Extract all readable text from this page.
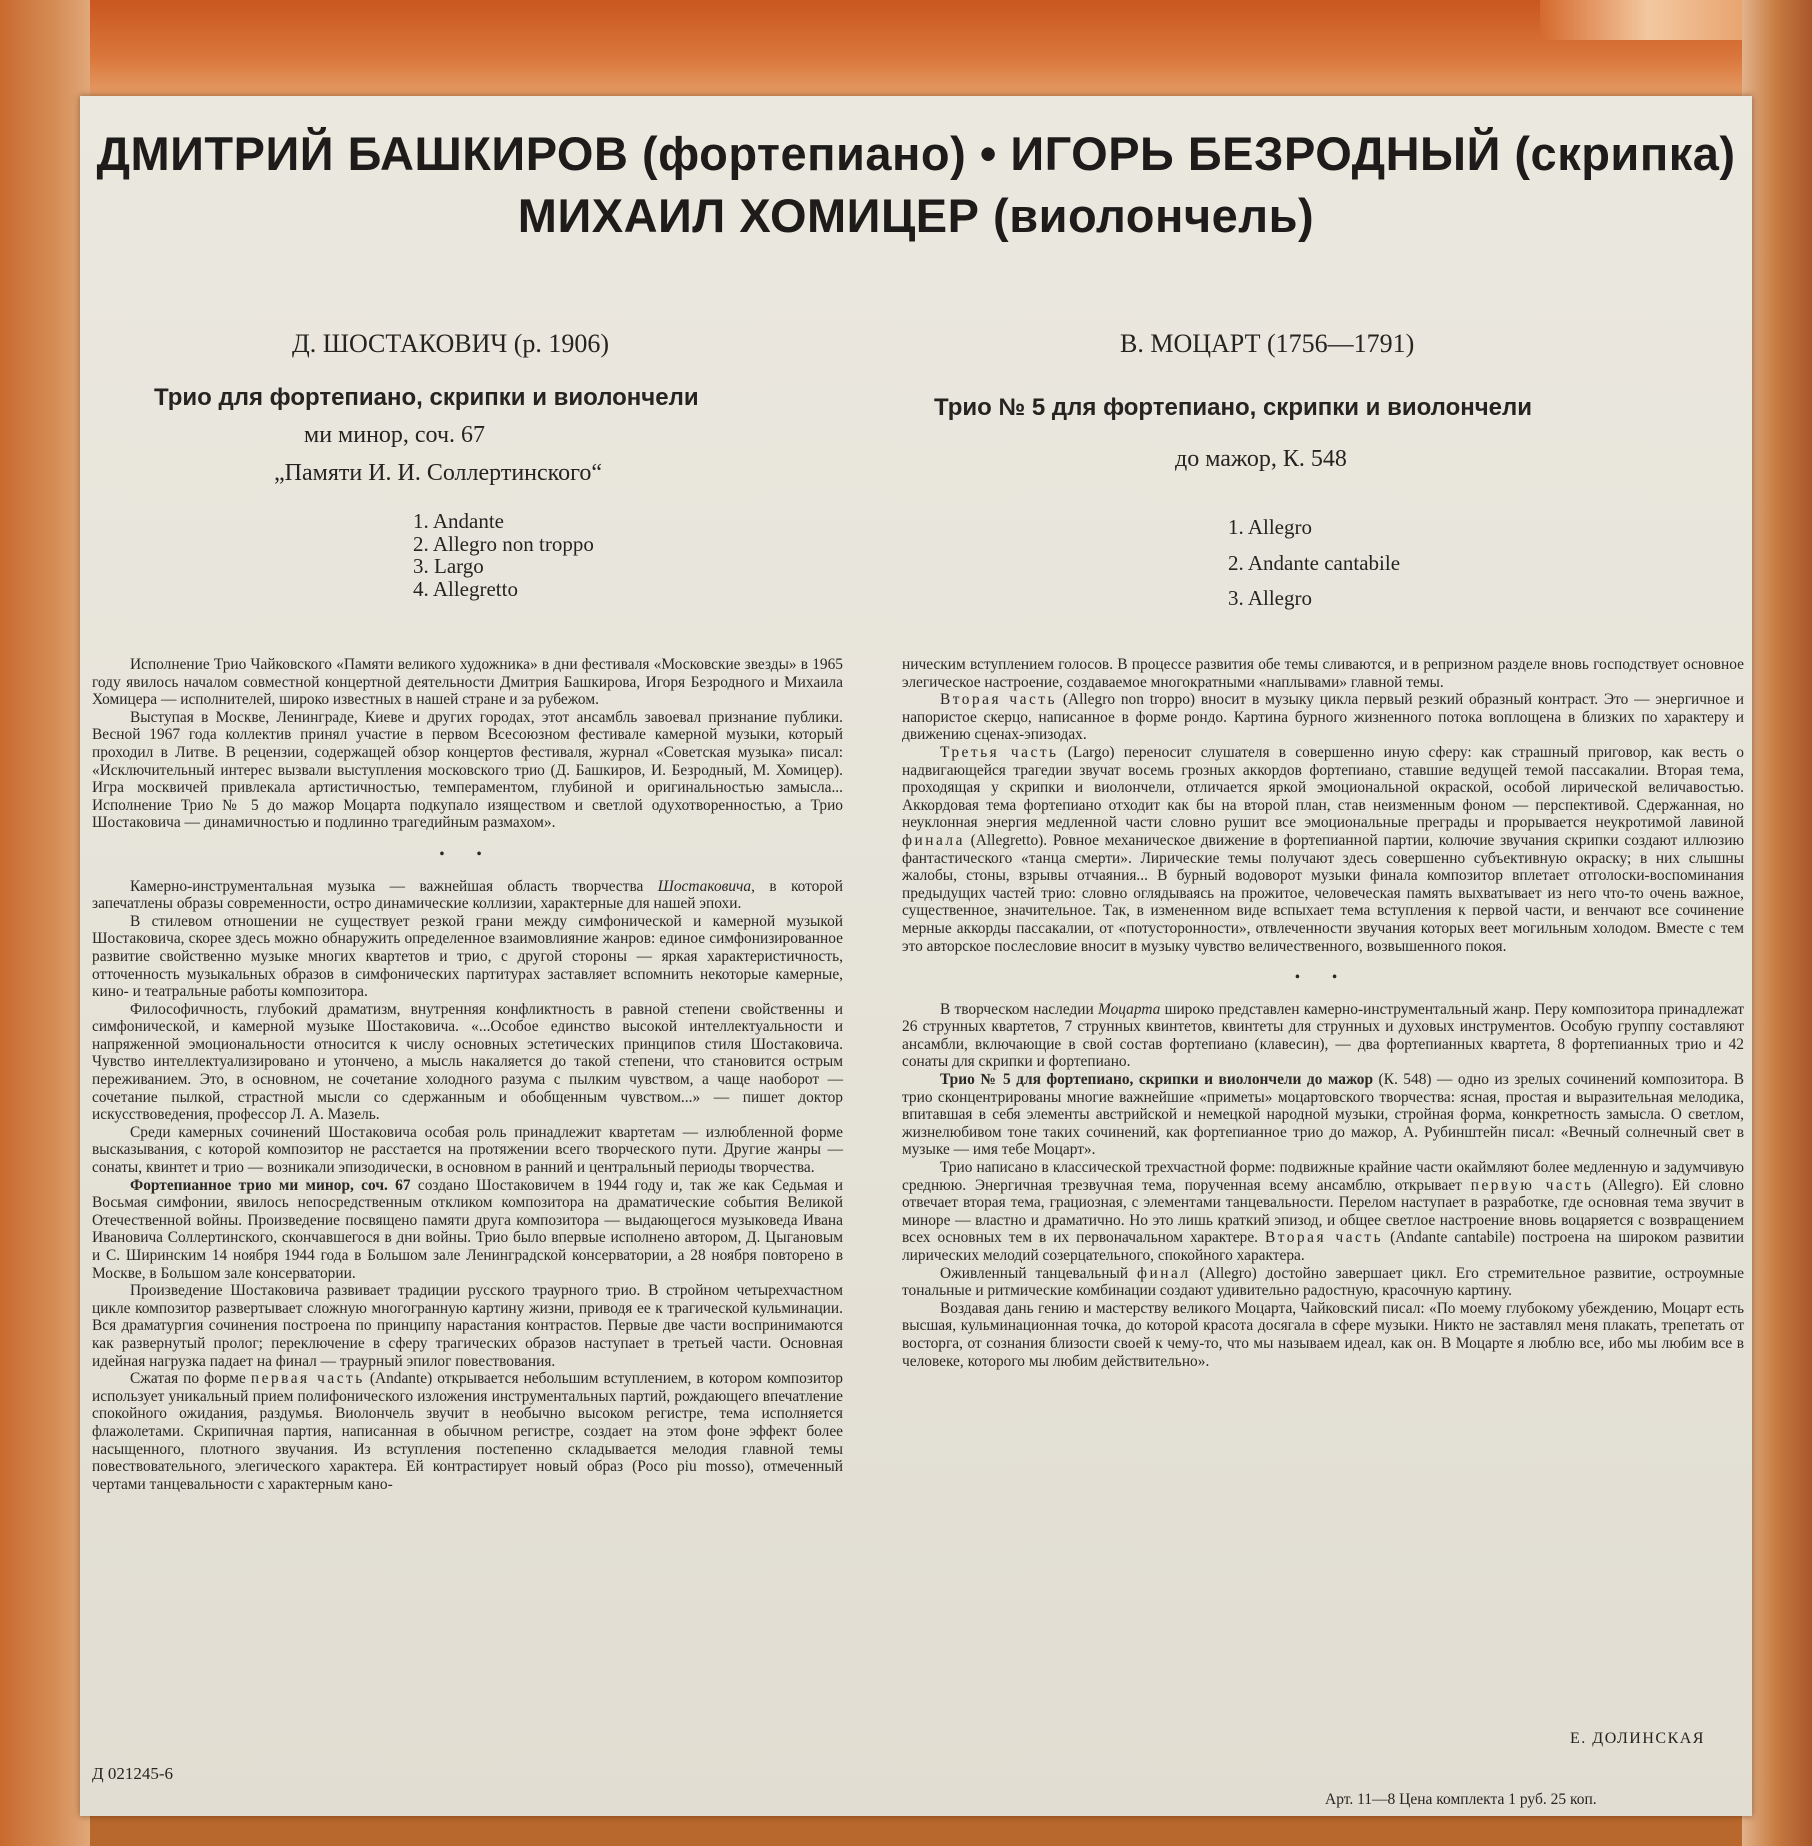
ДМИТРИЙ БАШКИРОВ (фортепиано) • ИГОРЬ БЕЗРОДНЫЙ (скрипка)
МИХАИЛ ХОМИЦЕР (виолончель)
Д. ШОСТАКОВИЧ (р. 1906)
Трио для фортепиано, скрипки и виолончели
ми минор, соч. 67
„Памяти И. И. Соллертинского“
1. Andante
2. Allegro non troppo
3. Largo
4. Allegretto
В. МОЦАРТ (1756—1791)
Трио № 5 для фортепиано, скрипки и виолончели
до мажор, К. 548
1. Allegro
2. Andante cantabile
3. Allegro

Исполнение Трио Чайковского «Памяти великого художника» в дни фестиваля «Московские звезды» в 1965 году явилось началом совместной концертной деятельности Дмитрия Башкирова, Игоря Безродного и Михаила Хомицера — исполнителей, широко известных в нашей стране и за рубежом.

Выступая в Москве, Ленинграде, Киеве и других городах, этот ансамбль завоевал признание публики. Весной 1967 года коллектив принял участие в первом Всесоюзном фестивале камерной музыки, который проходил в Литве. В рецензии, содержащей обзор концертов фестиваля, журнал «Советская музыка» писал: «Исключительный интерес вызвали выступления московского трио (Д. Башкиров, И. Безродный, М. Хомицер). Игра москвичей привлекала артистичностью, темпераментом, глубиной и оригинальностью замысла... Исполнение Трио № 5 до мажор Моцарта подкупало изяществом и светлой одухотворенностью, а Трио Шостаковича — динамичностью и подлинно трагедийным размахом».

• •

Камерно-инструментальная музыка — важнейшая область творчества Шостаковича, в которой запечатлены образы современности, остро динамические коллизии, характерные для нашей эпохи.

В стилевом отношении не существует резкой грани между симфонической и камерной музыкой Шостаковича, скорее здесь можно обнаружить определенное взаимовлияние жанров: единое симфонизированное развитие свойственно музыке многих квартетов и трио, с другой стороны — яркая характеристичность, отточенность музыкальных образов в симфонических партитурах заставляет вспомнить некоторые камерные, кино- и театральные работы композитора.

Философичность, глубокий драматизм, внутренняя конфликтность в равной степени свойственны и симфонической, и камерной музыке Шостаковича. «...Особое единство высокой интеллектуальности и напряженной эмоциональности относится к числу основных эстетических принципов стиля Шостаковича. Чувство интеллектуализировано и утончено, а мысль накаляется до такой степени, что становится острым переживанием. Это, в основном, не сочетание холодного разума с пылким чувством, а чаще наоборот — сочетание пылкой, страстной мысли со сдержанным и обобщенным чувством...» — пишет доктор искусствоведения, профессор Л. А. Мазель.

Среди камерных сочинений Шостаковича особая роль принадлежит квартетам — излюбленной форме высказывания, с которой композитор не расстается на протяжении всего творческого пути. Другие жанры — сонаты, квинтет и трио — возникали эпизодически, в основном в ранний и центральный периоды творчества.

Фортепианное трио ми минор, соч. 67 создано Шостаковичем в 1944 году и, так же как Седьмая и Восьмая симфонии, явилось непосредственным откликом композитора на драматические события Великой Отечественной войны. Произведение посвящено памяти друга композитора — выдающегося музыковеда Ивана Ивановича Соллертинского, скончавшегося в дни войны. Трио было впервые исполнено автором, Д. Цыгановым и С. Ширинским 14 ноября 1944 года в Большом зале Ленинградской консерватории, а 28 ноября повторено в Москве, в Большом зале консерватории.

Произведение Шостаковича развивает традиции русского траурного трио. В стройном четырехчастном цикле композитор развертывает сложную многогранную картину жизни, приводя ее к трагической кульминации. Вся драматургия сочинения построена по принципу нарастания контрастов. Первые две части воспринимаются как развернутый пролог; переключение в сферу трагических образов наступает в третьей части. Основная идейная нагрузка падает на финал — траурный эпилог повествования.

Сжатая по форме первая часть (Andante) открывается небольшим вступлением, в котором композитор использует уникальный прием полифонического изложения инструментальных партий, рождающего впечатление спокойного ожидания, раздумья. Виолончель звучит в необычно высоком регистре, тема исполняется флажолетами. Скрипичная партия, написанная в обычном регистре, создает на этом фоне эффект более насыщенного, плотного звучания. Из вступления постепенно складывается мелодия главной темы повествовательного, элегического характера. Ей контрастирует новый образ (Poco piu mosso), отмеченный чертами танцевальности с характерным кано-

ническим вступлением голосов. В процессе развития обе темы сливаются, и в репризном разделе вновь господствует основное элегическое настроение, создаваемое многократными «наплывами» главной темы.

Вторая часть (Allegro non troppo) вносит в музыку цикла первый резкий образный контраст. Это — энергичное и напористое скерцо, написанное в форме рондо. Картина бурного жизненного потока воплощена в близких по характеру и движению сценах-эпизодах.

Третья часть (Largo) переносит слушателя в совершенно иную сферу: как страшный приговор, как весть о надвигающейся трагедии звучат восемь грозных аккордов фортепиано, ставшие ведущей темой пассакалии. Вторая тема, проходящая у скрипки и виолончели, отличается яркой эмоциональной окраской, особой лирической величавостью. Аккордовая тема фортепиано отходит как бы на второй план, став неизменным фоном — перспективой. Сдержанная, но неуклонная энергия медленной части словно рушит все эмоциональные преграды и прорывается неукротимой лавиной финала (Allegretto). Ровное механическое движение в фортепианной партии, колючие звучания скрипки создают иллюзию фантастического «танца смерти». Лирические темы получают здесь совершенно субъективную окраску; в них слышны жалобы, стоны, взрывы отчаяния... В бурный водоворот музыки финала композитор вплетает отголоски-воспоминания предыдущих частей трио: словно оглядываясь на прожитое, человеческая память выхватывает из него что-то очень важное, существенное, значительное. Так, в измененном виде вспыхает тема вступления к первой части, и венчают все сочинение мерные аккорды пассакалии, от «потусторонности», отвлеченности звучания которых веет могильным холодом. Вместе с тем это авторское послесловие вносит в музыку чувство величественного, возвышенного покоя.

• •

В творческом наследии Моцарта широко представлен камерно-инструментальный жанр. Перу композитора принадлежат 26 струнных квартетов, 7 струнных квинтетов, квинтеты для струнных и духовых инструментов. Особую группу составляют ансамбли, включающие в свой состав фортепиано (клавесин), — два фортепианных квартета, 8 фортепианных трио и 42 сонаты для скрипки и фортепиано.

Трио № 5 для фортепиано, скрипки и виолончели до мажор (К. 548) — одно из зрелых сочинений композитора. В трио сконцентрированы многие важнейшие «приметы» моцартовского творчества: ясная, простая и выразительная мелодика, впитавшая в себя элементы австрийской и немецкой народной музыки, стройная форма, конкретность замысла. О светлом, жизнелюбивом тоне таких сочинений, как фортепианное трио до мажор, А. Рубинштейн писал: «Вечный солнечный свет в музыке — имя тебе Моцарт».

Трио написано в классической трехчастной форме: подвижные крайние части окаймляют более медленную и задумчивую среднюю. Энергичная трезвучная тема, порученная всему ансамблю, открывает первую часть (Allegro). Ей словно отвечает вторая тема, грациозная, с элементами танцевальности. Перелом наступает в разработке, где основная тема звучит в миноре — властно и драматично. Но это лишь краткий эпизод, и общее светлое настроение вновь воцаряется с возвращением всех основных тем в их первоначальном характере. Вторая часть (Andante cantabile) построена на широком развитии лирических мелодий созерцательного, спокойного характера.

Оживленный танцевальный финал (Allegro) достойно завершает цикл. Его стремительное развитие, остроумные тональные и ритмические комбинации создают удивительно радостную, красочную картину.

Воздавая дань гению и мастерству великого Моцарта, Чайковский писал: «По моему глубокому убеждению, Моцарт есть высшая, кульминационная точка, до которой красота досягала в сфере музыки. Никто не заставлял меня плакать, трепетать от восторга, от сознания близости своей к чему-то, что мы называем идеал, как он. В Моцарте я люблю все, ибо мы любим все в человеке, которого мы любим действительно».

Е. ДОЛИНСКАЯ
Д 021245-6
Арт. 11—8 Цена комплекта 1 руб. 25 коп.
